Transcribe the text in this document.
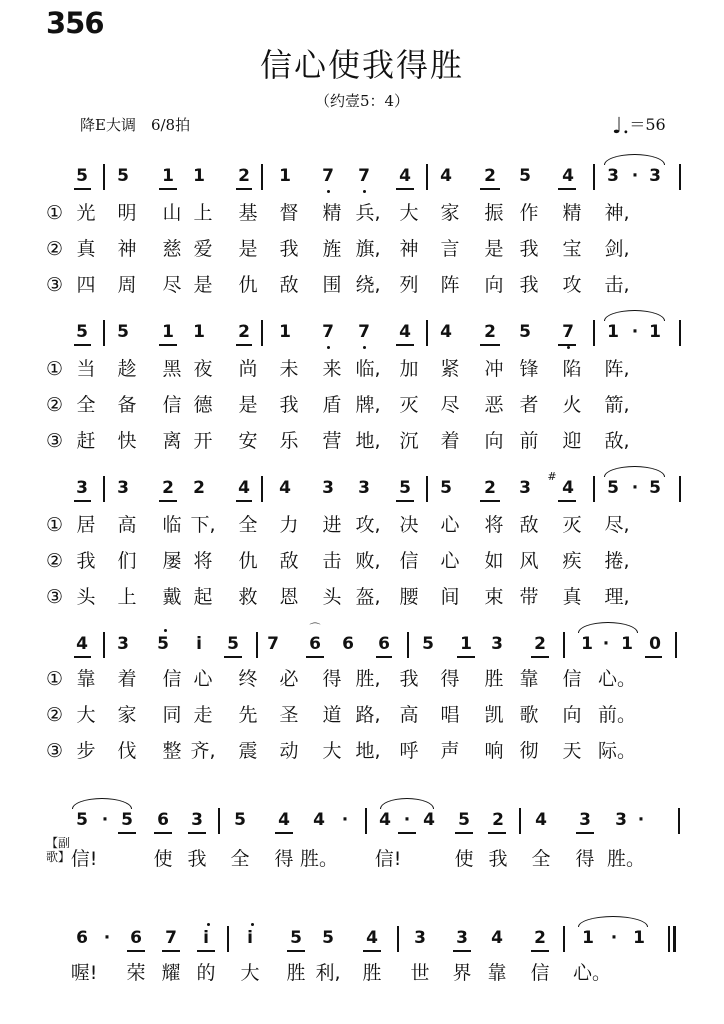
356
信心使我得胜
（约壹5：4）
降E大调　6/8拍	♩.＝56
【副歌】
5 5 1 1 2 1 7 7 4 4 2 5 4 3 · 3
① 光 明 山 上 基 督 精 兵, 大 家 振 作 精 神,
② 真 神 慈 爱 是 我 旌 旗, 神 言 是 我 宝 剑,
③ 四 周 尽 是 仇 敌 围 绕, 列 阵 向 我 攻 击,
5 5 1 1 2 1 7 7 4 4 2 5 7 1 · 1
① 当 趁 黑 夜 尚 未 来 临, 加 紧 冲 锋 陷 阵,
② 全 备 信 德 是 我 盾 牌, 灭 尽 恶 者 火 箭,
③ 赶 快 离 开 安 乐 营 地, 沉 着 向 前 迎 敌,
3 3 2 2 4 4 3 3 5 5 2 3 4 5 · 5
#
① 居 高 临 下, 全 力 进 攻, 决 心 将 敌 灭 尽,
② 我 们 屡 将 仇 敌 击 败, 信 心 如 风 疾 捲,
③ 头 上 戴 起 救 恩 头 盔, 腰 间 束 带 真 理,
4 3 5 i 5 7 6 6 6 5 1 3 2 1 · 1 0
⌒
① 靠 着 信 心 终 必 得 胜, 我 得 胜 靠 信 心。
② 大 家 同 走 先 圣 道 路, 高 唱 凯 歌 向 前。
③ 步 伐 整 齐, 震 动 大 地, 呼 声 响 彻 天 际。
5 · 5 6 3 5 4 4 · 4 · 4 5 2 4 3 3 ·
信!	使 我 全 得 胜。 信!	使 我 全 得 胜。
6 · 6 7 i i 5 5 4 3 3 4 2 1 · 1
喔! 荣 耀 的 大 胜 利, 胜 世 界 靠 信 心。
